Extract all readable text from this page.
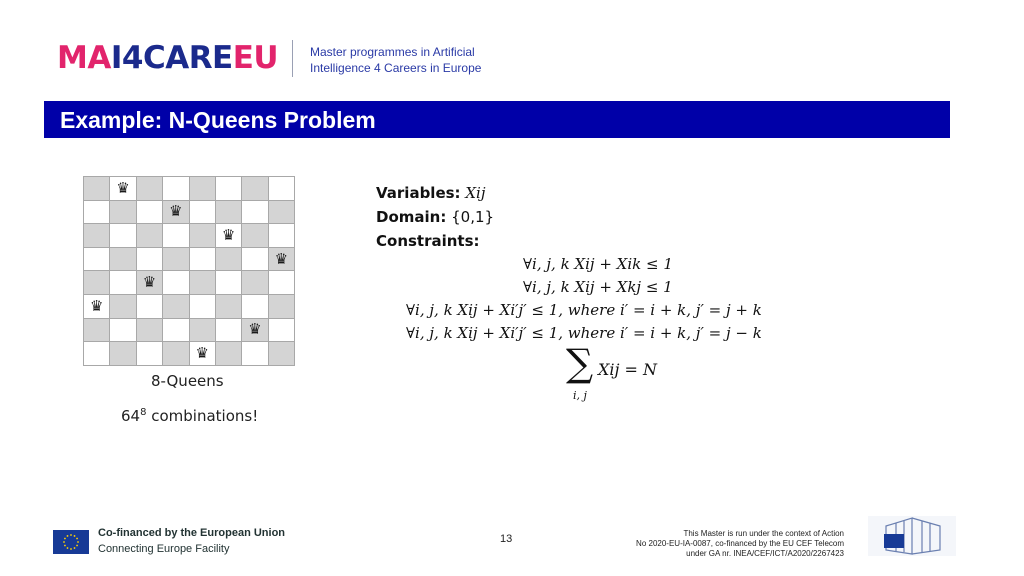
MAI4CAREEU	Master programmes in Artificial
Intelligence 4 Careers in Europe
Example: N-Queens Problem
	♛						
			♛				
					♛		
							♛
		♛					
♛							
						♛	
				♛			
8-Queens
$64^8$ combinations!
Variables: Xij
Domain: {0,1}
Constraints:
∀i, j, k Xij + Xik ≤ 1
∀i, j, k Xij + Xkj ≤ 1
∀i, j, k Xij + Xi′j′ ≤ 1, where i′ = i + k, j′ = j + k
∀i, j, k Xij + Xi′j′ ≤ 1, where i′ = i + k, j′ = j − k
∑
i, j
Xij = N
Co-financed by the European Union
Connecting Europe Facility
13	This Master is run under the context of Action
No 2020-EU-IA-0087, co-financed by the EU CEF Telecom
under GA nr. INEA/CEF/ICT/A2020/2267423
